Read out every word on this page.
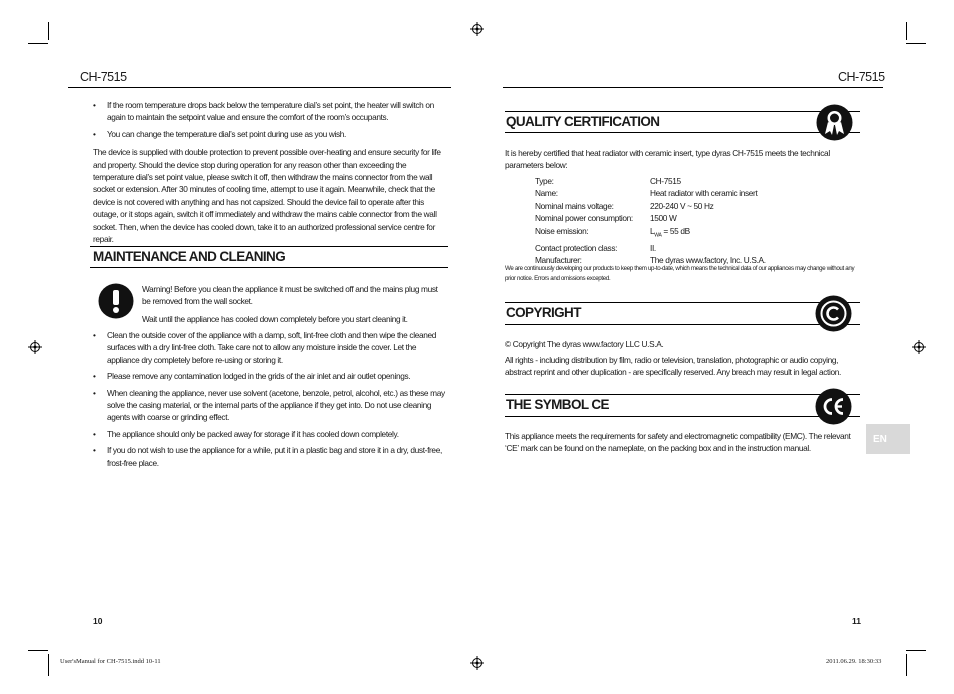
CH-7515	CH-7515
• If the room temperature drops back below the temperature dial’s set point, the heater will switch on again to maintain the setpoint value and ensure the comfort of the room’s occupants.
• You can change the temperature dial’s set point during use as you wish.
The device is supplied with double protection to prevent possible over-heating and ensure security for life and property. Should the device stop during operation for any reason other than exceeding the temperature dial’s set point value, please switch it off, then withdraw the mains connector from the wall socket or extension. After 30 minutes of cooling time, attempt to use it again. Meanwhile, check that the device is not covered with anything and has not capsized. Should the device fail to operate after this outage, or it stops again, switch it off immediately and withdraw the mains cable connector from the wall socket. Then, when the device has cooled down, take it to an authorized professional service centre for repair.
MAINTENANCE AND CLEANING
Warning! Before you clean the appliance it must be switched off and the mains plug must be removed from the wall socket.
Wait until the appliance has cooled down completely before you start cleaning it.
• Clean the outside cover of the appliance with a damp, soft, lint-free cloth and then wipe the cleaned surfaces with a dry lint-free cloth. Take care not to allow any moisture inside the cover. Let the appliance dry completely before re-using or storing it.
• Please remove any contamination lodged in the grids of the air inlet and air outlet openings.
• When cleaning the appliance, never use solvent (acetone, benzole, petrol, alcohol, etc.) as these may solve the casing material, or the internal parts of the appliance if they get into. Do not use cleaning agents with coarse or grinding effect.
• The appliance should only be packed away for storage if it has cooled down completely.
• If you do not wish to use the appliance for a while, put it in a plastic bag and store it in a dry, dust-free, frost-free place.
10
QUALITY CERTIFICATION
It is hereby certified that heat radiator with ceramic insert, type dyras CH-7515 meets the technical parameters below:
Type:	CH-7515
Name:	Heat radiator with ceramic insert
Nominal mains voltage:	220-240 V ~ 50 Hz
Nominal power consumption:	1500 W
Noise emission:	$L_{WA} = 55$ dB
Contact protection class:	II.
Manufacturer:	The dyras www.factory, Inc. U.S.A.
We are continuously developing our products to keep them up-to-date, which means the technical data of our appliances may change without any prior notice. Errors and omissions excepted.
COPYRIGHT
© Copyright The dyras www.factory LLC U.S.A.
All rights - including distribution by film, radio or television, translation, photographic or audio copying, abstract reprint and other duplication - are specifically reserved. Any breach may result in legal action.
THE SYMBOL CE
This appliance meets the requirements for safety and electromagnetic compatibility (EMC). The relevant ‘CE’ mark can be found on the nameplate, on the packing box and in the instruction manual.
EN
11
User'sManual for CH-7515.indd 10-11	2011.06.29. 18:30:33
